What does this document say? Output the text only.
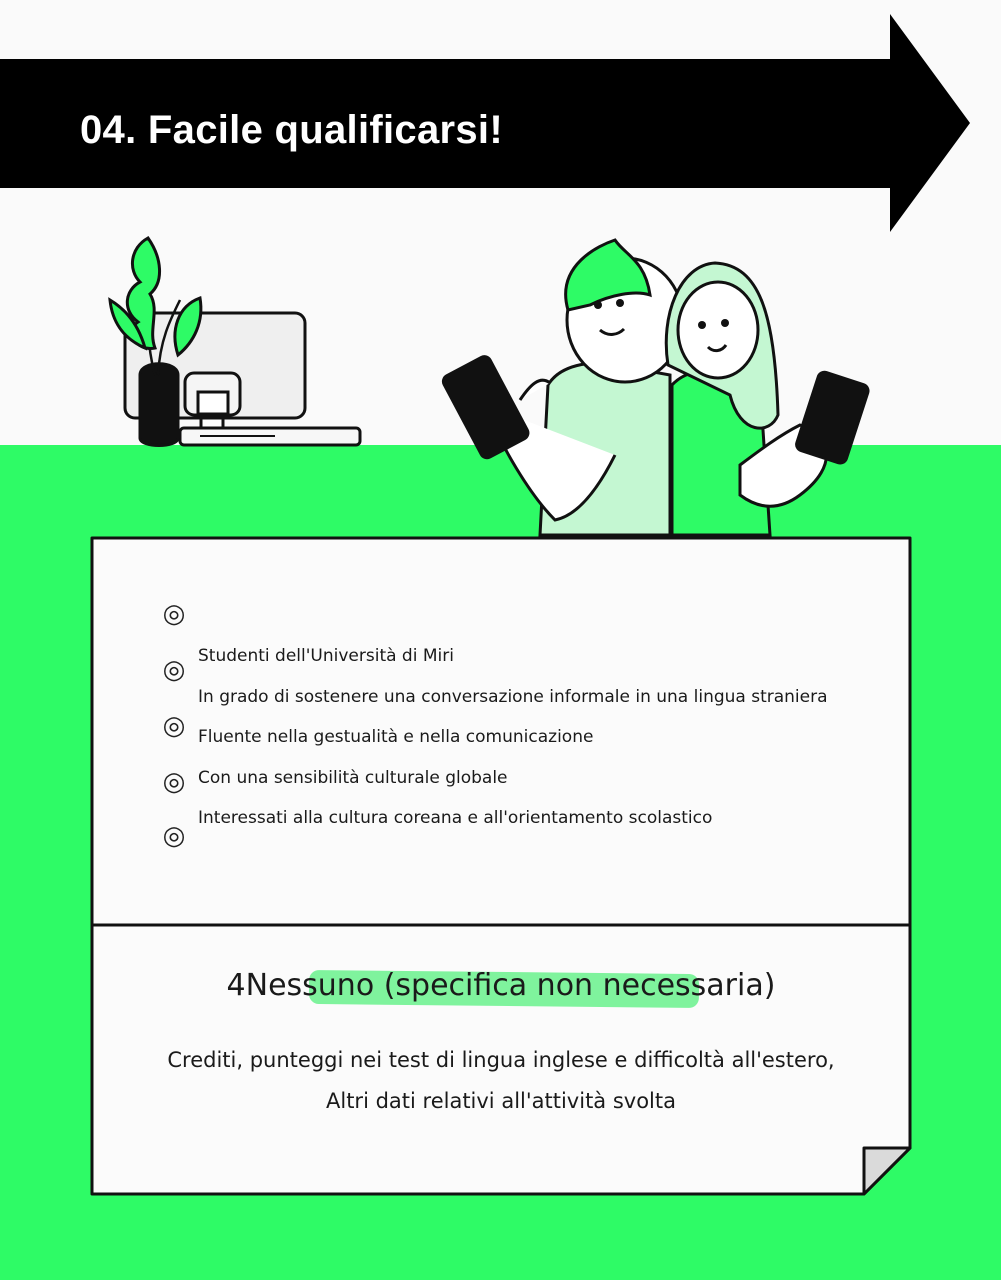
04. Facile qualificarsi!
◎
◎
◎
◎
◎
Studenti dell'Università di Miri
In grado di sostenere una conversazione informale in una lingua straniera
Fluente nella gestualità e nella comunicazione
Con una sensibilità culturale globale
Interessati alla cultura coreana e all'orientamento scolastico
4Nessuno (specifica non necessaria)
Crediti, punteggi nei test di lingua inglese e difficoltà all'estero,
Altri dati relativi all'attività svolta
